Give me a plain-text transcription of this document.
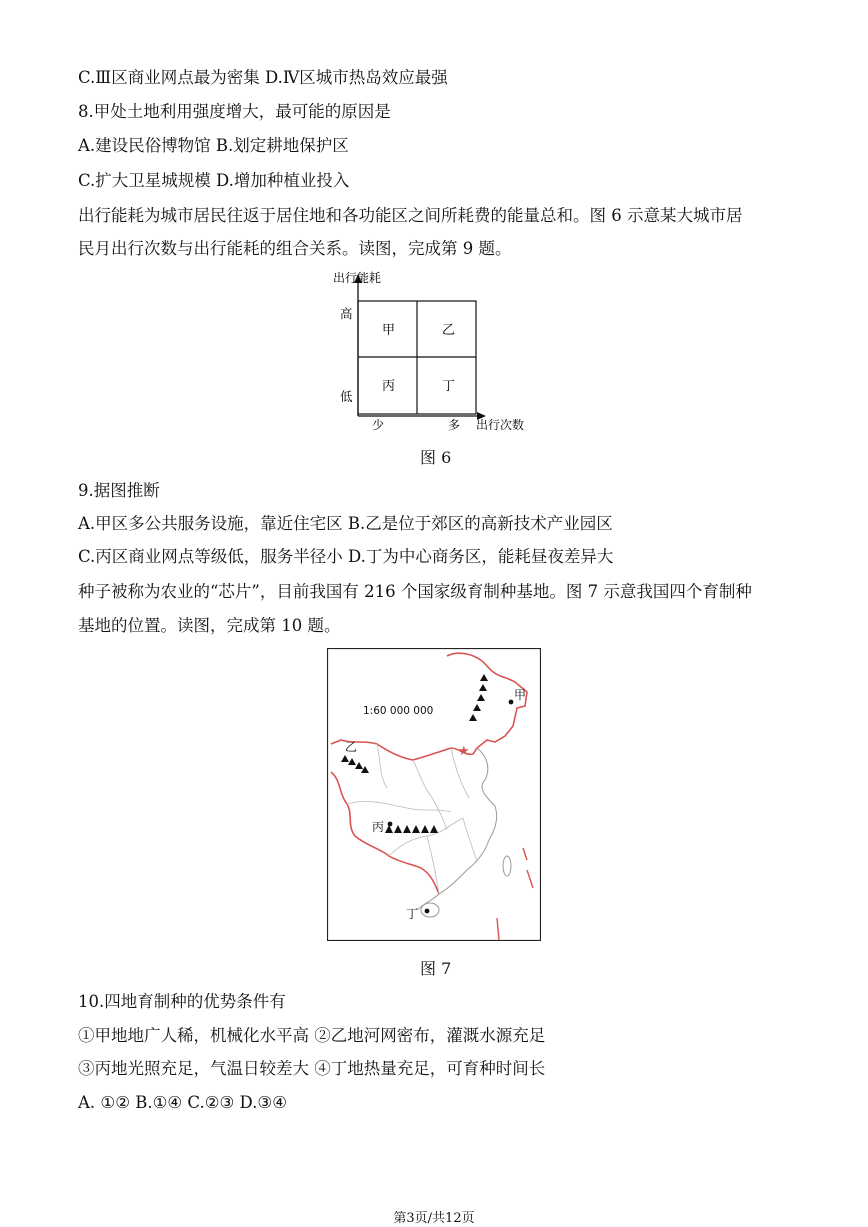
C.Ⅲ区商业网点最为密集 D.Ⅳ区城市热岛效应最强
8.甲处土地利用强度增大，最可能的原因是
A.建设民俗博物馆 B.划定耕地保护区
C.扩大卫星城规模 D.增加种植业投入
出行能耗为城市居民往返于居住地和各功能区之间所耗费的能量总和。图 6 示意某大城市居
民月出行次数与出行能耗的组合关系。读图，完成第 9 题。
出行能耗
高
低
少	多 出行次数
甲	乙
丙	丁
图 6
9.据图推断
A.甲区多公共服务设施，靠近住宅区 B.乙是位于郊区的高新技术产业园区
C.丙区商业网点等级低，服务半径小 D.丁为中心商务区，能耗昼夜差异大
种子被称为农业的“芯片”，目前我国有 216 个国家级育制种基地。图 7 示意我国四个育制种
基地的位置。读图，完成第 10 题。
★
1:60 000 000
甲
乙
丙
丁
图 7
10.四地育制种的优势条件有
①甲地地广人稀，机械化水平高 ②乙地河网密布，灌溉水源充足
③丙地光照充足，气温日较差大 ④丁地热量充足，可育种时间长
A. ①② B.①④ C.②③ D.③④
第3页/共12页
